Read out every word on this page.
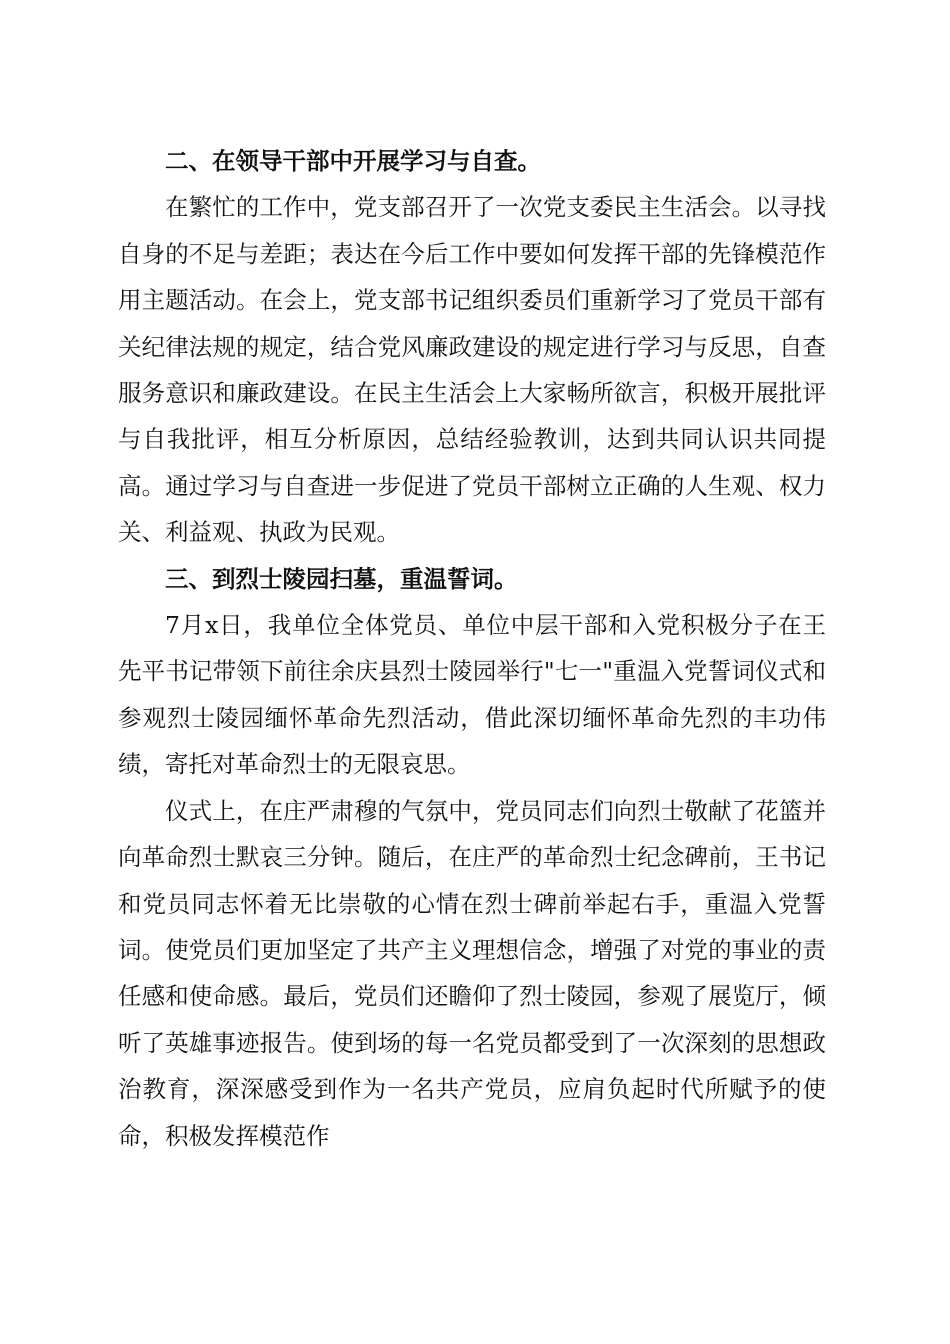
二、在领导干部中开展学习与自查。

在繁忙的工作中，党支部召开了一次党支委民主生活会。以寻找自身的不足与差距；表达在今后工作中要如何发挥干部的先锋模范作用主题活动。在会上，党支部书记组织委员们重新学习了党员干部有关纪律法规的规定，结合党风廉政建设的规定进行学习与反思，自查服务意识和廉政建设。在民主生活会上大家畅所欲言，积极开展批评与自我批评，相互分析原因，总结经验教训，达到共同认识共同提高。通过学习与自查进一步促进了党员干部树立正确的人生观、权力关、利益观、执政为民观。

三、到烈士陵园扫墓，重温誓词。

7月x日，我单位全体党员、单位中层干部和入党积极分子在王先平书记带领下前往余庆县烈士陵园举行"七一"重温入党誓词仪式和参观烈士陵园缅怀革命先烈活动，借此深切缅怀革命先烈的丰功伟绩，寄托对革命烈士的无限哀思。

仪式上，在庄严肃穆的气氛中，党员同志们向烈士敬献了花篮并向革命烈士默哀三分钟。随后，在庄严的革命烈士纪念碑前，王书记和党员同志怀着无比崇敬的心情在烈士碑前举起右手，重温入党誓词。使党员们更加坚定了共产主义理想信念，增强了对党的事业的责任感和使命感。最后，党员们还瞻仰了烈士陵园，参观了展览厅，倾听了英雄事迹报告。使到场的每一名党员都受到了一次深刻的思想政治教育，深深感受到作为一名共产党员，应肩负起时代所赋予的使命，积极发挥模范作
